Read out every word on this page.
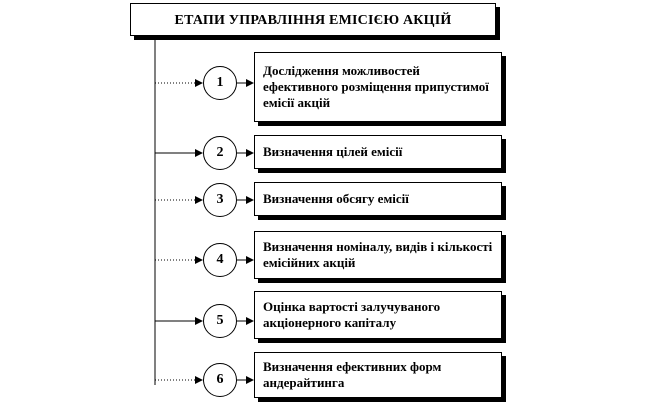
ЕТАПИ УПРАВЛІННЯ ЕМІСІЄЮ АКЦІЙ
1
Дослідження можливостей ефективного розміщення припустимої емісії акцій
2	Визначення цілей емісії
3	Визначення обсягу емісії
4
Визначення номіналу, видів і кількості емісійних акцій
5
Оцінка вартості залучуваного акціонерного капіталу
6
Визначення ефективних форм андерайтинга
